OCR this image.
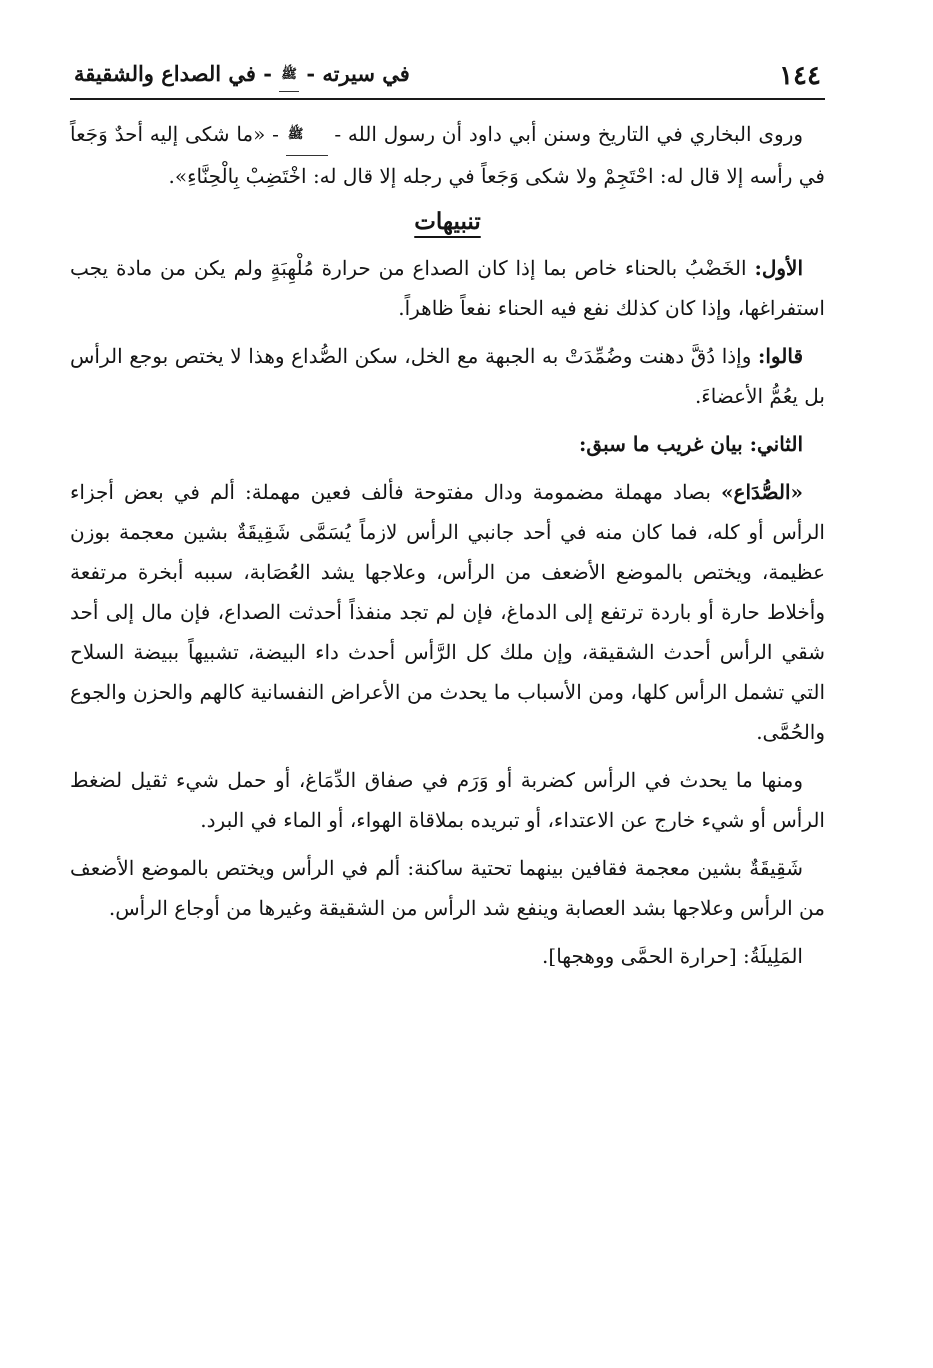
١٤٤
في سيرته - ﷺ - في الصداع والشقيقة

وروى البخاري في التاريخ وسنن أبي داود أن رسول الله - ﷺ - «ما شكى إليه أحدٌ وَجَعاً في رأسه إلا قال له: احْتَجِمْ ولا شكى وَجَعاً في رجله إلا قال له: اخْتَضِبْ بِالْحِنَّاءِ».

تنبيهات

الأول: الخَضْبُ بالحناء خاص بما إذا كان الصداع من حرارة مُلْهِبَةٍ ولم يكن من مادة يجب استفراغها، وإذا كان كذلك نفع فيه الحناء نفعاً ظاهراً.

قالوا: وإذا دُقَّ دهنت وضُمِّدَتْ به الجبهة مع الخل، سكن الصُّداع وهذا لا يختص بوجع الرأس بل يعُمُّ الأعضاءَ.

الثاني: بيان غريب ما سبق:

«الصُّدَاع» بصاد مهملة مضمومة ودال مفتوحة فألف فعين مهملة: ألم في بعض أجزاء الرأس أو كله، فما كان منه في أحد جانبي الرأس لازماً يُسَمَّى شَقِيقَةٌ بشين معجمة بوزن عظيمة، ويختص بالموضع الأضعف من الرأس، وعلاجها يشد العُصَابة، سببه أبخرة مرتفعة وأخلاط حارة أو باردة ترتفع إلى الدماغ، فإن لم تجد منفذاً أحدثت الصداع، فإن مال إلى أحد شقي الرأس أحدث الشقيقة، وإن ملك كل الرَّأس أحدث داء البيضة، تشبيهاً ببيضة السلاح التي تشمل الرأس كلها، ومن الأسباب ما يحدث من الأعراض النفسانية كالهم والحزن والجوع والحُمَّى.

ومنها ما يحدث في الرأس كضربة أو وَرَم في صفاق الدِّمَاغ، أو حمل شيء ثقيل لضغط الرأس أو شيء خارج عن الاعتداء، أو تبريده بملاقاة الهواء، أو الماء في البرد.

شَقِيقَةٌ بشين معجمة فقافين بينهما تحتية ساكنة: ألم في الرأس ويختص بالموضع الأضعف من الرأس وعلاجها بشد العصابة وينفع شد الرأس من الشقيقة وغيرها من أوجاع الرأس.

المَلِيلَةُ: [حرارة الحمَّى ووهجها].
